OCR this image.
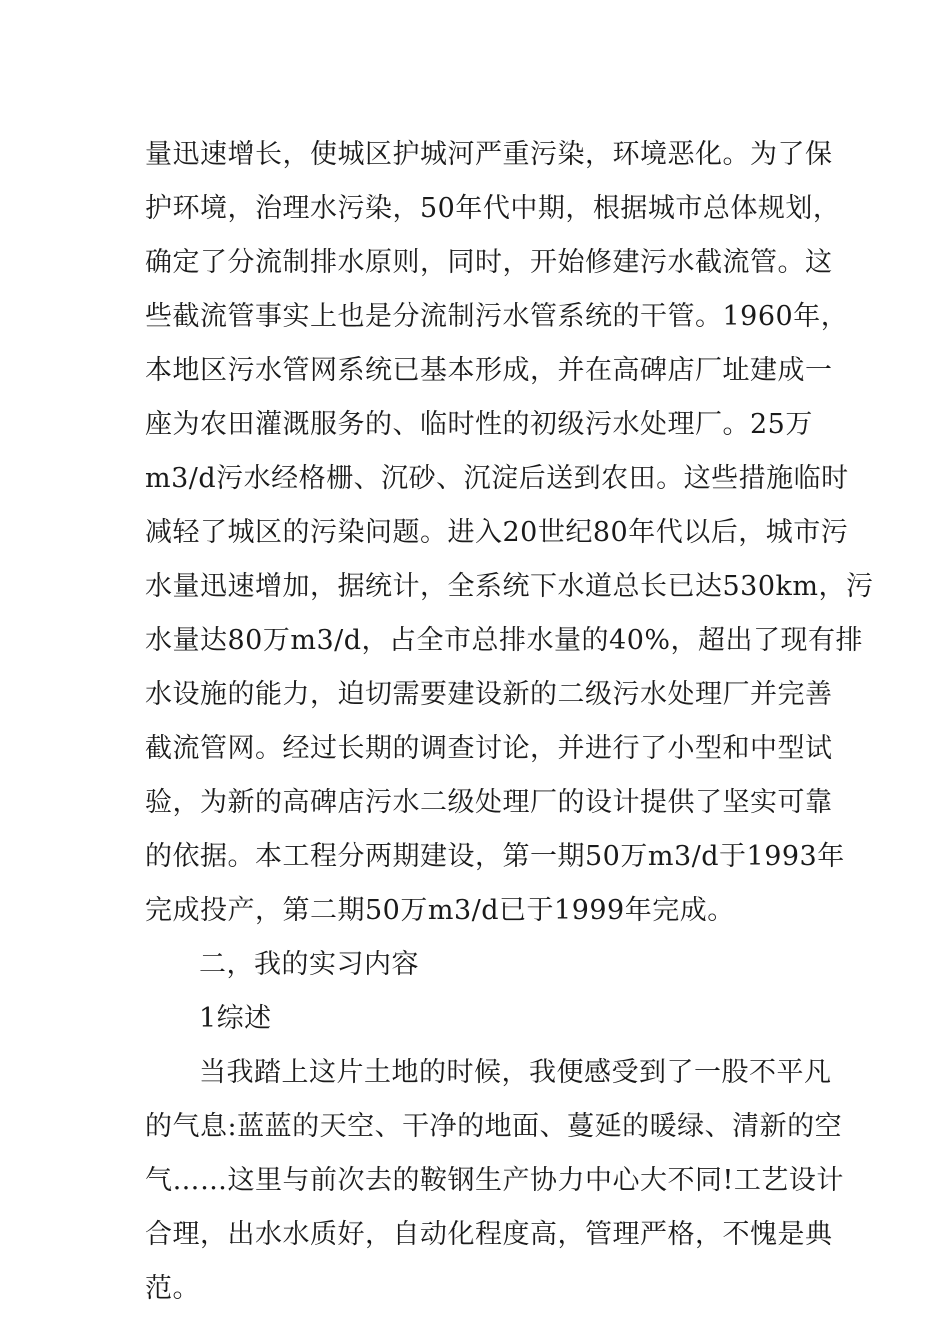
量迅速增长，使城区护城河严重污染，环境恶化。为了保
护环境，治理水污染，50年代中期，根据城市总体规划，
确定了分流制排水原则，同时，开始修建污水截流管。这
些截流管事实上也是分流制污水管系统的干管。1960年，
本地区污水管网系统已基本形成，并在高碑店厂址建成一
座为农田灌溉服务的、临时性的初级污水处理厂。25万
m3/d污水经格栅、沉砂、沉淀后送到农田。这些措施临时
减轻了城区的污染问题。进入20世纪80年代以后，城市污
水量迅速增加，据统计，全系统下水道总长已达530km，污
水量达80万m3/d，占全市总排水量的40%，超出了现有排
水设施的能力，迫切需要建设新的二级污水处理厂并完善
截流管网。经过长期的调查讨论，并进行了小型和中型试
验，为新的高碑店污水二级处理厂的设计提供了坚实可靠
的依据。本工程分两期建设，第一期50万m3/d于1993年
完成投产，第二期50万m3/d已于1999年完成。
二，我的实习内容
1综述
当我踏上这片土地的时候，我便感受到了一股不平凡
的气息:蓝蓝的天空、干净的地面、蔓延的暖绿、清新的空
气……这里与前次去的鞍钢生产协力中心大不同!工艺设计
合理，出水水质好，自动化程度高，管理严格，不愧是典
范。
